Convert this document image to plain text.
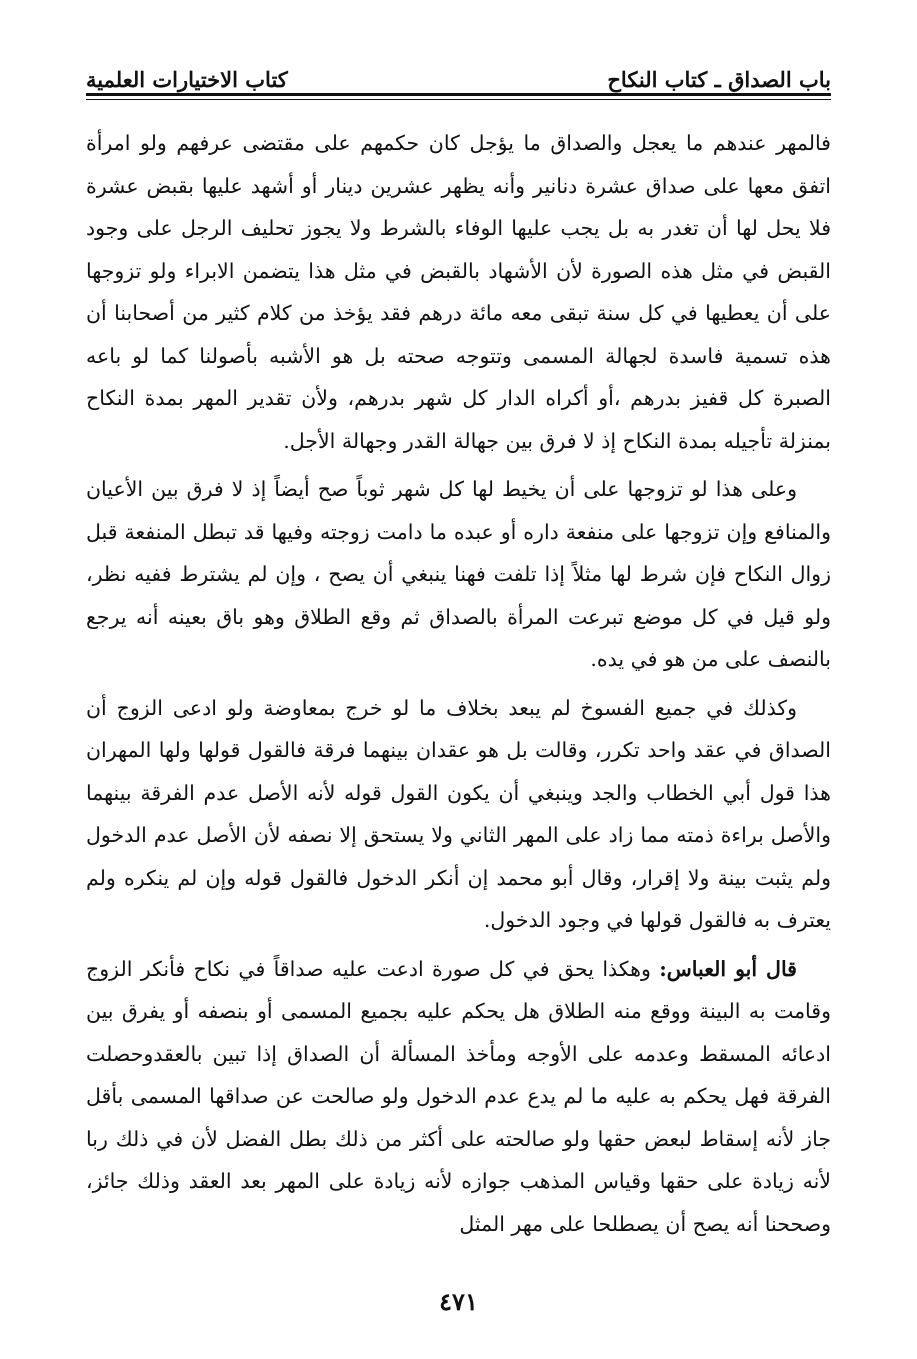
باب الصداق ـ كتاب النكاح
كتاب الاختيارات العلمية

فالمهر عندهم ما يعجل والصداق ما يؤجل كان حكمهم على مقتضى عرفهم ولو امرأة اتفق معها على صداق عشرة دنانير وأنه يظهر عشرين دينار أو أشهد عليها بقبض عشرة فلا يحل لها أن تغدر به بل يجب عليها الوفاء بالشرط ولا يجوز تحليف الرجل على وجود القبض في مثل هذه الصورة لأن الأشهاد بالقبض في مثل هذا يتضمن الابراء ولو تزوجها على أن يعطيها في كل سنة تبقى معه مائة درهم فقد يؤخذ من كلام كثير من أصحابنا أن هذه تسمية فاسدة لجهالة المسمى وتتوجه صحته بل هو الأشبه بأصولنا كما لو باعه الصبرة كل قفيز بدرهم ،أو أكراه الدار كل شهر بدرهم، ولأن تقدير المهر بمدة النكاح بمنزلة تأجيله بمدة النكاح إذ لا فرق بين جهالة القدر وجهالة الأجل.

وعلى هذا لو تزوجها على أن يخيط لها كل شهر ثوباً صح أيضاً إذ لا فرق بين الأعيان والمنافع وإن تزوجها على منفعة داره أو عبده ما دامت زوجته وفيها قد تبطل المنفعة قبل زوال النكاح فإن شرط لها مثلاً إذا تلفت فهنا ينبغي أن يصح ، وإن لم يشترط ففيه نظر، ولو قيل في كل موضع تبرعت المرأة بالصداق ثم وقع الطلاق وهو باق بعينه أنه يرجع بالنصف على من هو في يده.

وكذلك في جميع الفسوخ لم يبعد بخلاف ما لو خرج بمعاوضة ولو ادعى الزوج أن الصداق في عقد واحد تكرر، وقالت بل هو عقدان بينهما فرقة فالقول قولها ولها المهران هذا قول أبي الخطاب والجد وينبغي أن يكون القول قوله لأنه الأصل عدم الفرقة بينهما والأصل براءة ذمته مما زاد على المهر الثاني ولا يستحق إلا نصفه لأن الأصل عدم الدخول ولم يثبت بينة ولا إقرار، وقال أبو محمد إن أنكر الدخول فالقول قوله وإن لم ينكره ولم يعترف به فالقول قولها في وجود الدخول.

قال أبو العباس: وهكذا يحق في كل صورة ادعت عليه صداقاً في نكاح فأنكر الزوج وقامت به البينة ووقع منه الطلاق هل يحكم عليه بجميع المسمى أو بنصفه أو يفرق بين ادعائه المسقط وعدمه على الأوجه ومأخذ المسألة أن الصداق إذا تبين بالعقدوحصلت الفرقة فهل يحكم به عليه ما لم يدع عدم الدخول ولو صالحت عن صداقها المسمى بأقل جاز لأنه إسقاط لبعض حقها ولو صالحته على أكثر من ذلك بطل الفضل لأن في ذلك ربا لأنه زيادة على حقها وقياس المذهب جوازه لأنه زيادة على المهر بعد العقد وذلك جائز، وصححنا أنه يصح أن يصطلحا على مهر المثل

٤٧١
